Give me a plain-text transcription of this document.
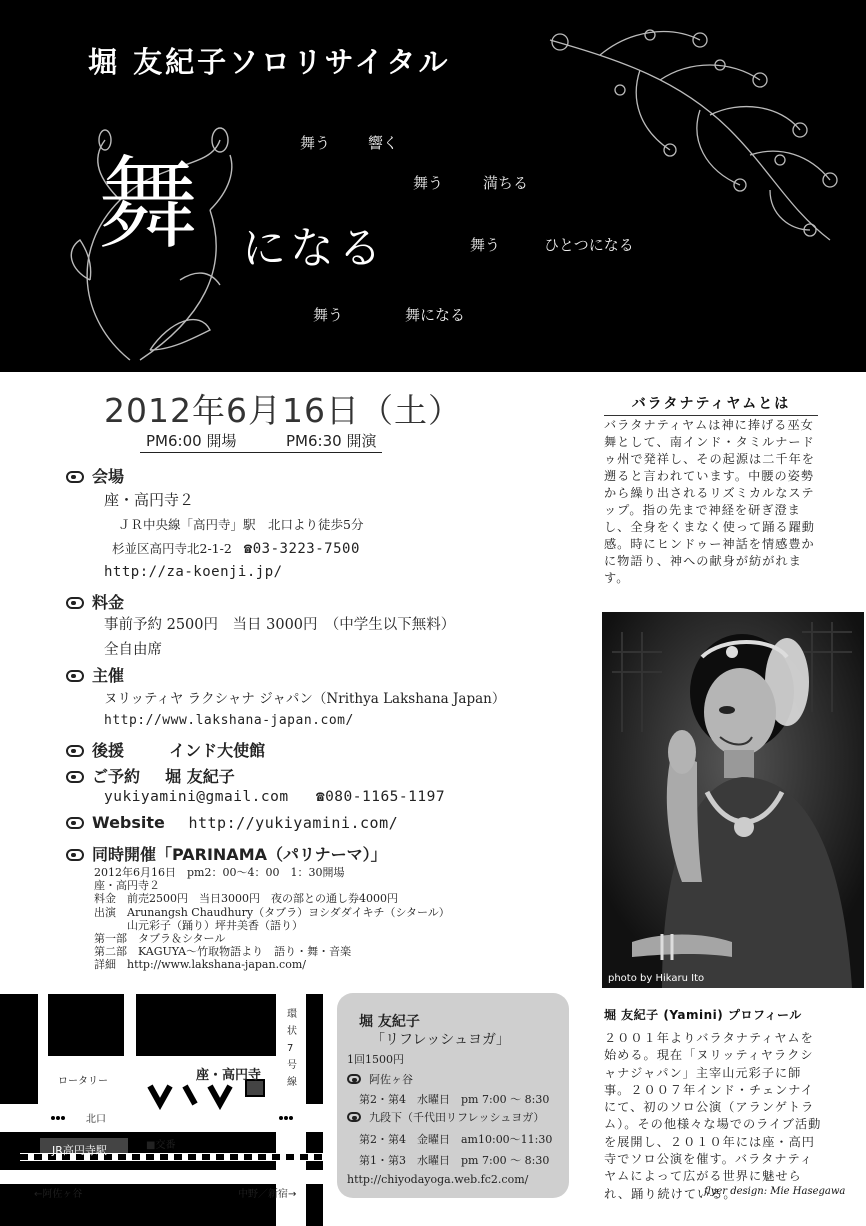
堀 友紀子ソロリサイタル
舞う	響く
舞う	満ちる
舞う	ひとつになる
舞う	舞になる
舞 になる
2012年6月16日（土）
PM6:00 開場	PM6:30 開演
会場
座・高円寺２
ＪＲ中央線「高円寺」駅　北口より徒歩5分
杉並区高円寺北2-1-2 ☎03-3223-7500
http://za-koenji.jp/
料金
事前予約 2500円　当日 3000円　（中学生以下無料）
全自由席
主催
ヌリッティヤ ラクシャナ ジャパン（Nrithya Lakshana Japan）
http://www.lakshana-japan.com/
後援	インド大使館
ご予約 堀 友紀子
yukiyamini@gmail.com ☎080-1165-1197
Website http://yukiyamini.com/
同時開催「PARINAMA（パリナーマ）」
2012年6月16日　pm2：00～4：00　1：30開場
座・高円寺２
料金　前売2500円　当日3000円　夜の部との通し券4000円
出演　Arunangsh Chaudhury（タブラ）ヨシダダイキチ（シタール）
　　　山元彩子（踊り）坪井美香（語り）
第一部　タブラ＆シタール
第二部　KAGUYA～竹取物語より　語り・舞・音楽
詳細　http://www.lakshana-japan.com/
バラタナティヤムとは
バラタナティヤムは神に捧げる巫女舞として、南インド・タミルナードゥ州で発祥し、その起源は二千年を遡ると言われています。中腰の姿勢から繰り出されるリズミカルなステップ。指の先まで神経を研ぎ澄まし、全身をくまなく使って踊る躍動感。時にヒンドゥー神話を情感豊かに物語り、神への献身が紡がれます。
photo by Hikaru Ito
堀 友紀子 (Yamini) プロフィール
２００１年よりバラタナティヤムを始める。現在「ヌリッティヤラクシャナジャパン」主宰山元彩子に師事。２００７年インド・チェンナイにて、初のソロ公演（アランゲトラム）。その他様々な場でのライブ活動を展開し、２０１０年には座・高円寺でソロ公演を催す。バラタナティヤムによって広がる世界に魅せられ、踊り続けている。
flyer design: Mie Hasegawa
ロータリー
環状7号線
座・高円寺
北口
JR高円寺駅	■交番
←阿佐ヶ谷	中野／新宿→
堀 友紀子
「リフレッシュヨガ」
1回1500円
阿佐ヶ谷
第2・第4　水曜日　pm 7:00 ～ 8:30
九段下（千代田リフレッシュヨガ）
第2・第4　金曜日　am10:00～11:30
第1・第3　水曜日　pm 7:00 ～ 8:30
http://chiyodayoga.web.fc2.com/
